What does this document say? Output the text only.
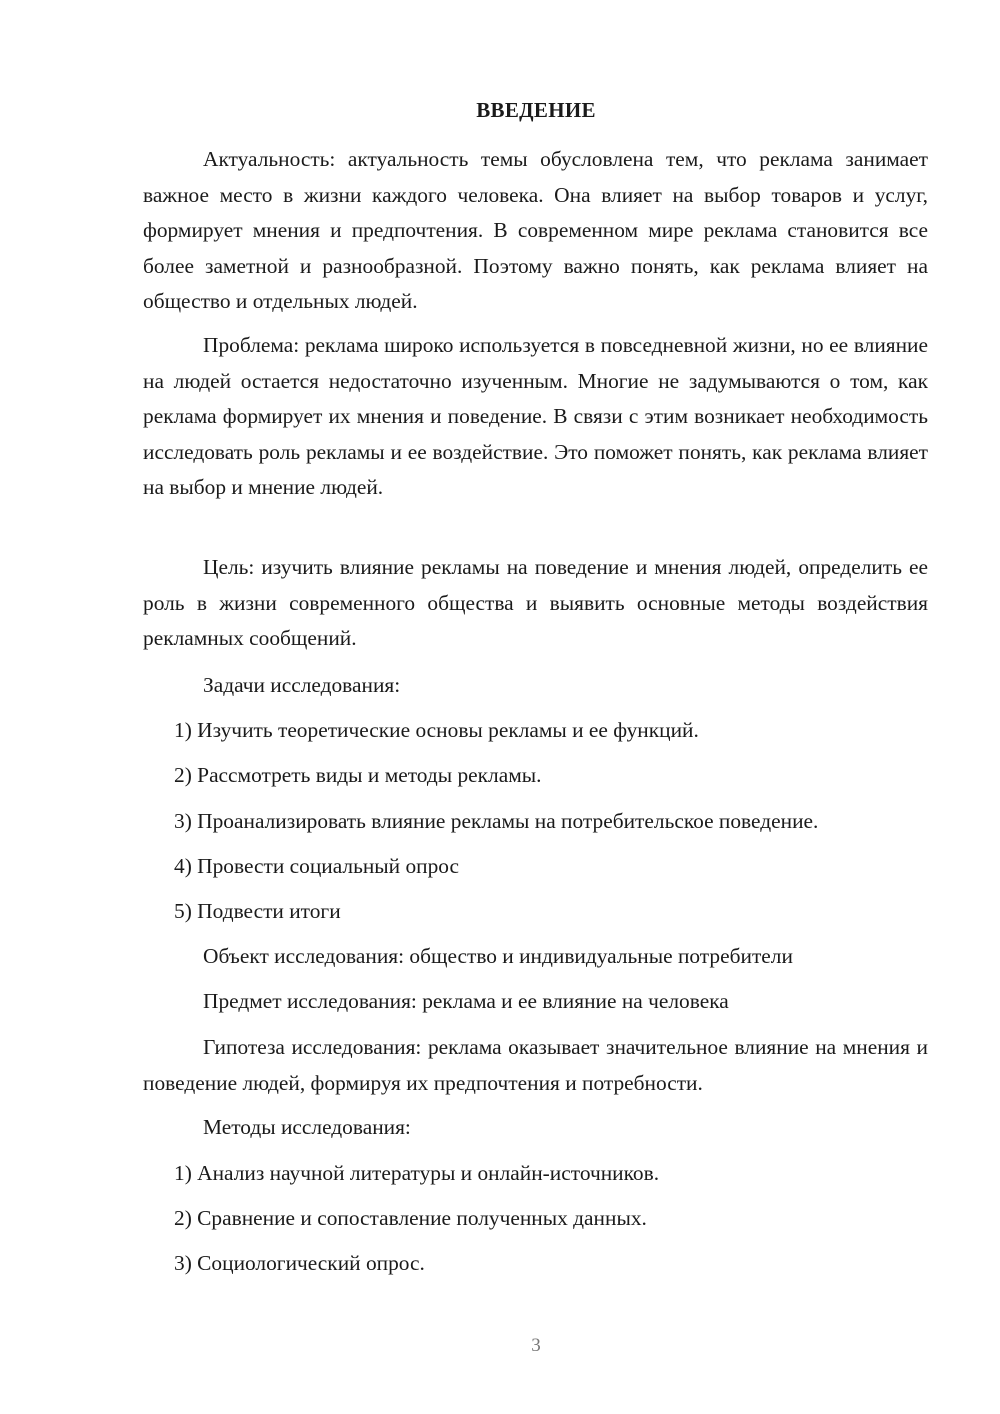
ВВЕДЕНИЕ

Актуальность: актуальность темы обусловлена тем, что реклама занимает важное место в жизни каждого человека. Она влияет на выбор товаров и услуг, формирует мнения и предпочтения. В современном мире реклама становится все более заметной и разнообразной. Поэтому важно понять, как реклама влияет на общество и отдельных людей.

Проблема: реклама широко используется в повседневной жизни, но ее влияние на людей остается недостаточно изученным. Многие не задумываются о том, как реклама формирует их мнения и поведение. В связи с этим возникает необходимость исследовать роль рекламы и ее воздействие. Это поможет понять, как реклама влияет на выбор и мнение людей.

Цель: изучить влияние рекламы на поведение и мнения людей, определить ее роль в жизни современного общества и выявить основные методы воздействия рекламных сообщений.

Задачи исследования:
1) Изучить теоретические основы рекламы и ее функций.
2) Рассмотреть виды и методы рекламы.
3) Проанализировать влияние рекламы на потребительское поведение.
4) Провести социальный опрос
5) Подвести итоги
Объект исследования: общество и индивидуальные потребители
Предмет исследования: реклама и ее влияние на человека

Гипотеза исследования: реклама оказывает значительное влияние на мнения и поведение людей, формируя их предпочтения и потребности.

Методы исследования:
1) Анализ научной литературы и онлайн-источников.
2) Сравнение и сопоставление полученных данных.
3) Социологический опрос.
3
